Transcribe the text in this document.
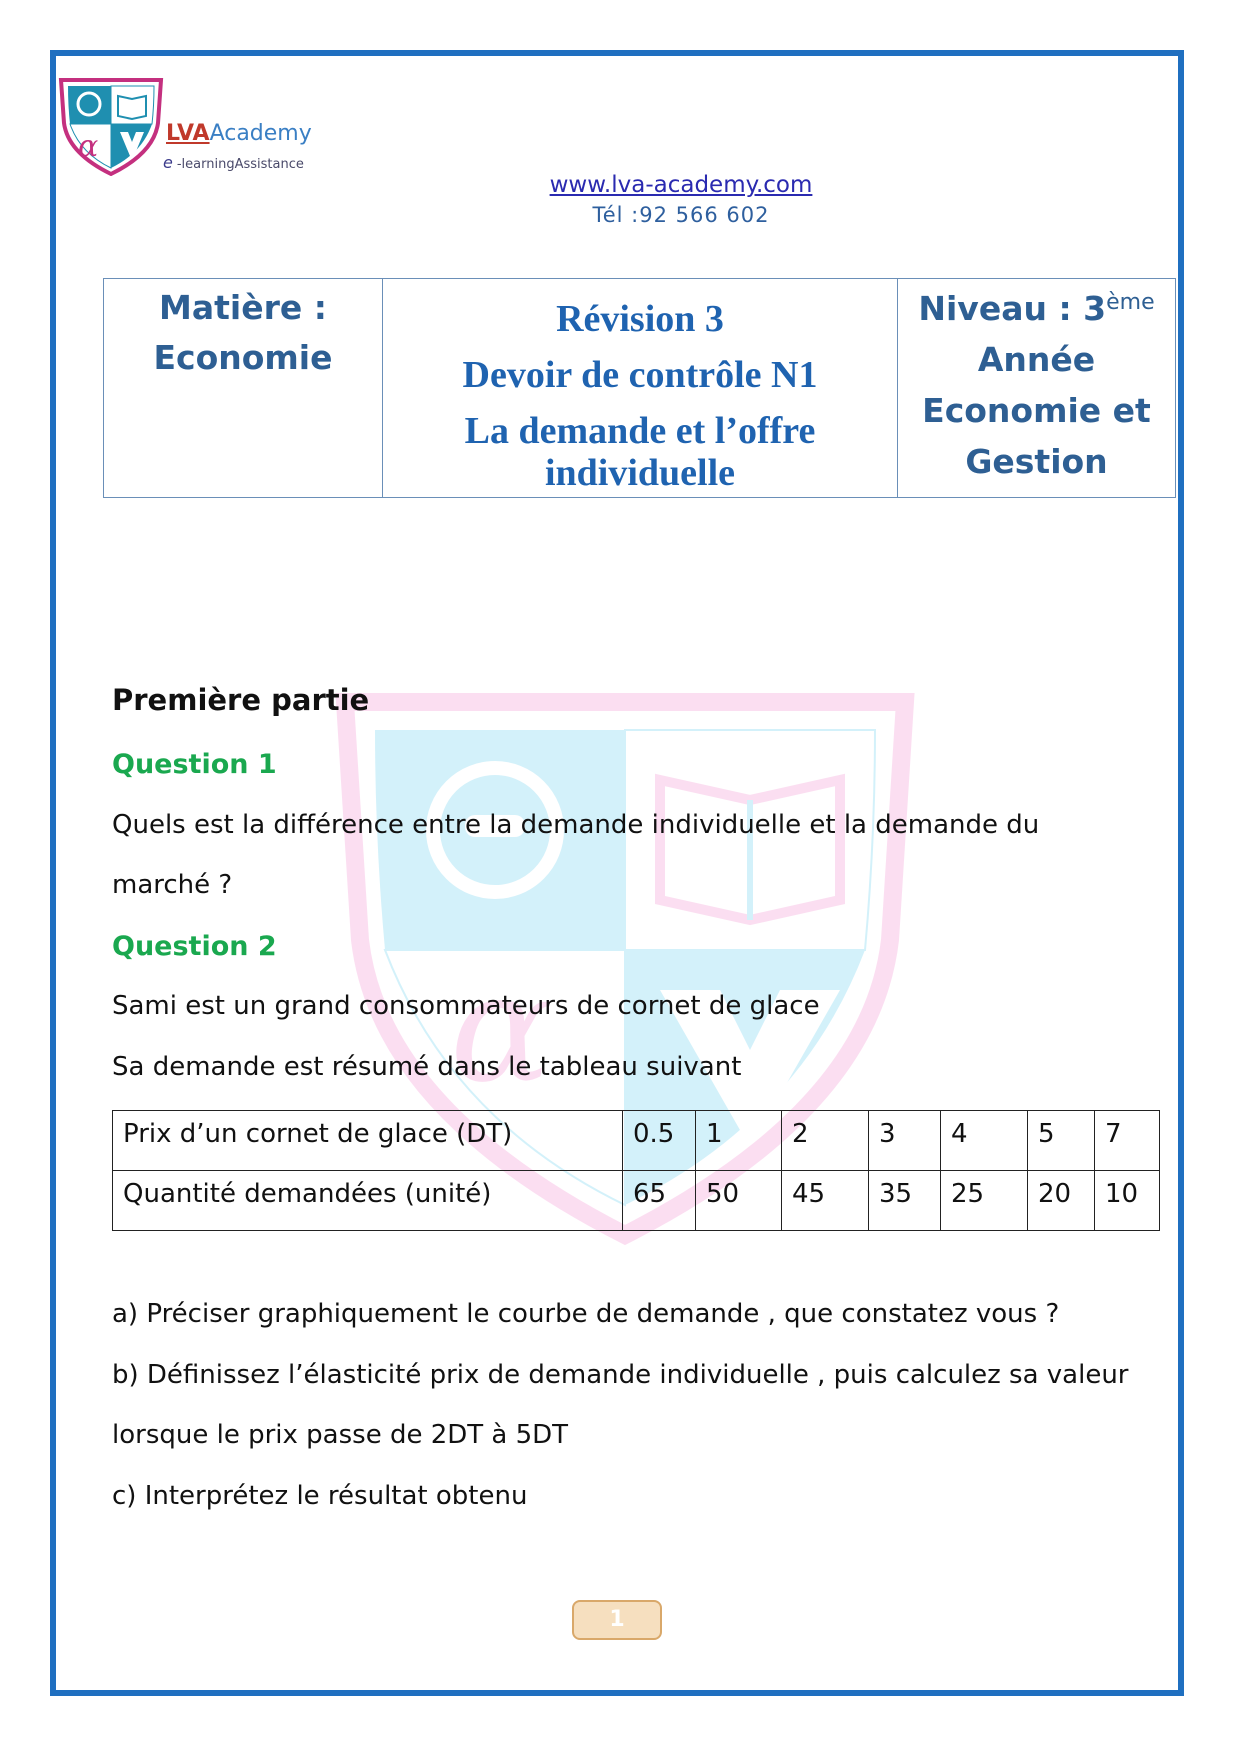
α
α	LVAAcademy
e -learningAssistance
www.lva-academy.com
Tél :92 566 602
Matière :
Economie

Révision 3
Devoir de contrôle N1
La demande et l’offre
individuelle

Niveau : 3ème
Année
Economie et
Gestion
Première partie
Question 1
Quels est la différence entre la demande individuelle et la demande du
marché ?
Question 2
Sami est un grand consommateurs de cornet de glace
Sa demande est résumé dans le tableau suivant
Prix d’un cornet de glace (DT)	0.5	1	2	3	4	5	7
Quantité demandées (unité)	65	50	45	35	25	20	10
a) Préciser graphiquement le courbe de demande , que constatez vous ?
b) Définissez l’élasticité prix de demande individuelle , puis calculez sa valeur
lorsque le prix passe de 2DT à 5DT
c) Interprétez le résultat obtenu
1
